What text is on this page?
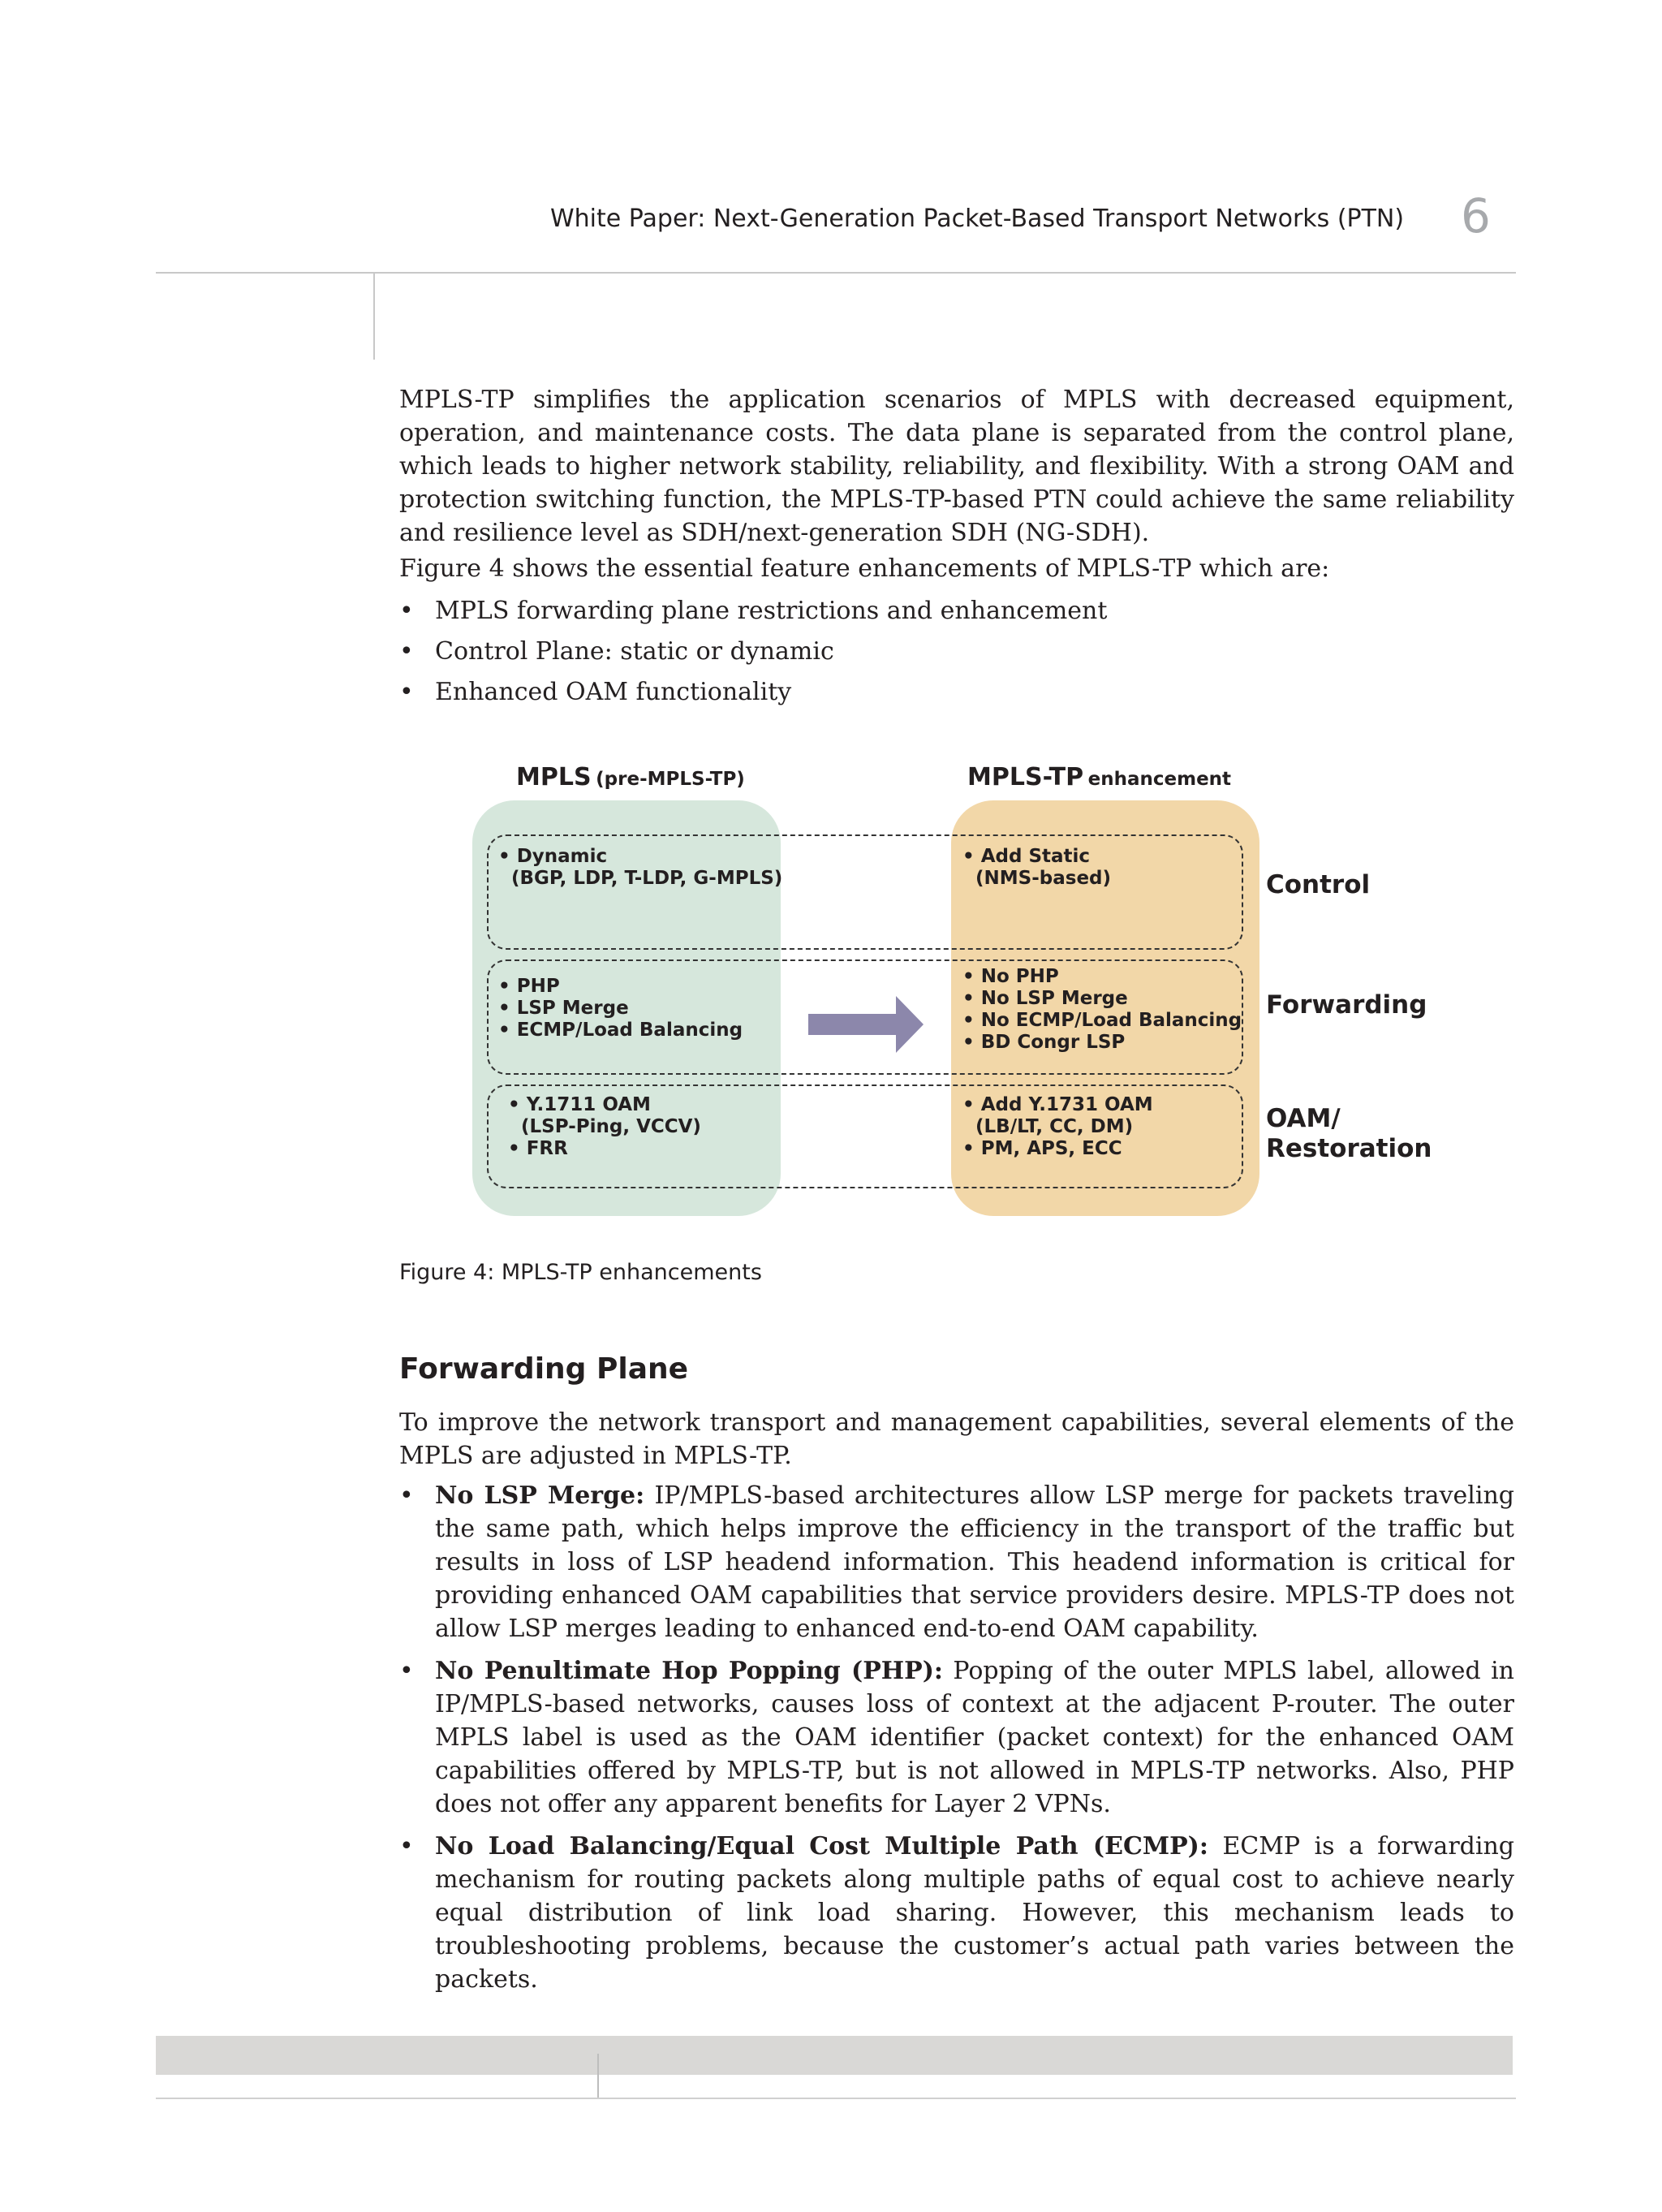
White Paper: Next-Generation Packet-Based Transport Networks (PTN) 6

MPLS-TP simplifies the application scenarios of MPLS with decreased equipment, operation, and maintenance costs. The data plane is separated from the control plane, which leads to higher network stability, reliability, and flexibility. With a strong OAM and protection switching function, the MPLS-TP-based PTN could achieve the same reliability and resilience level as SDH/next-generation SDH (NG-SDH).

Figure 4 shows the essential feature enhancements of MPLS-TP which are:

• MPLS forwarding plane restrictions and enhancement
• Control Plane: static or dynamic
• Enhanced OAM functionality
MPLS (pre-MPLS-TP)	MPLS-TP enhancement
• Dynamic
(BGP, LDP, T-LDP, G-MPLS)
• Add Static
(NMS-based)	Control
• PHP
• LSP Merge
• ECMP/Load Balancing
• No PHP
• No LSP Merge
• No ECMP/Load Balancing
• BD Congr LSP
Forwarding
• Y.1711 OAM
(LSP-Ping, VCCV)
• FRR
• Add Y.1731 OAM
(LB/LT, CC, DM)
• PM, APS, ECC
OAM/
Restoration
Figure 4: MPLS-TP enhancements
Forwarding Plane

To improve the network transport and management capabilities, several elements of the MPLS are adjusted in MPLS-TP.

• No LSP Merge: IP/MPLS-based architectures allow LSP merge for packets traveling the same path, which helps improve the efficiency in the transport of the traffic but results in loss of LSP headend information. This headend information is critical for providing enhanced OAM capabilities that service providers desire. MPLS-TP does not allow LSP merges leading to enhanced end-to-end OAM capability.
• No Penultimate Hop Popping (PHP): Popping of the outer MPLS label, allowed in IP/MPLS-based networks, causes loss of context at the adjacent P-router. The outer MPLS label is used as the OAM identifier (packet context) for the enhanced OAM capabilities offered by MPLS-TP, but is not allowed in MPLS-TP networks. Also, PHP does not offer any apparent benefits for Layer 2 VPNs.
• No Load Balancing/Equal Cost Multiple Path (ECMP): ECMP is a forwarding mechanism for routing packets along multiple paths of equal cost to achieve nearly equal distribution of link load sharing. However, this mechanism leads to troubleshooting problems, because the customer’s actual path varies between the packets.
